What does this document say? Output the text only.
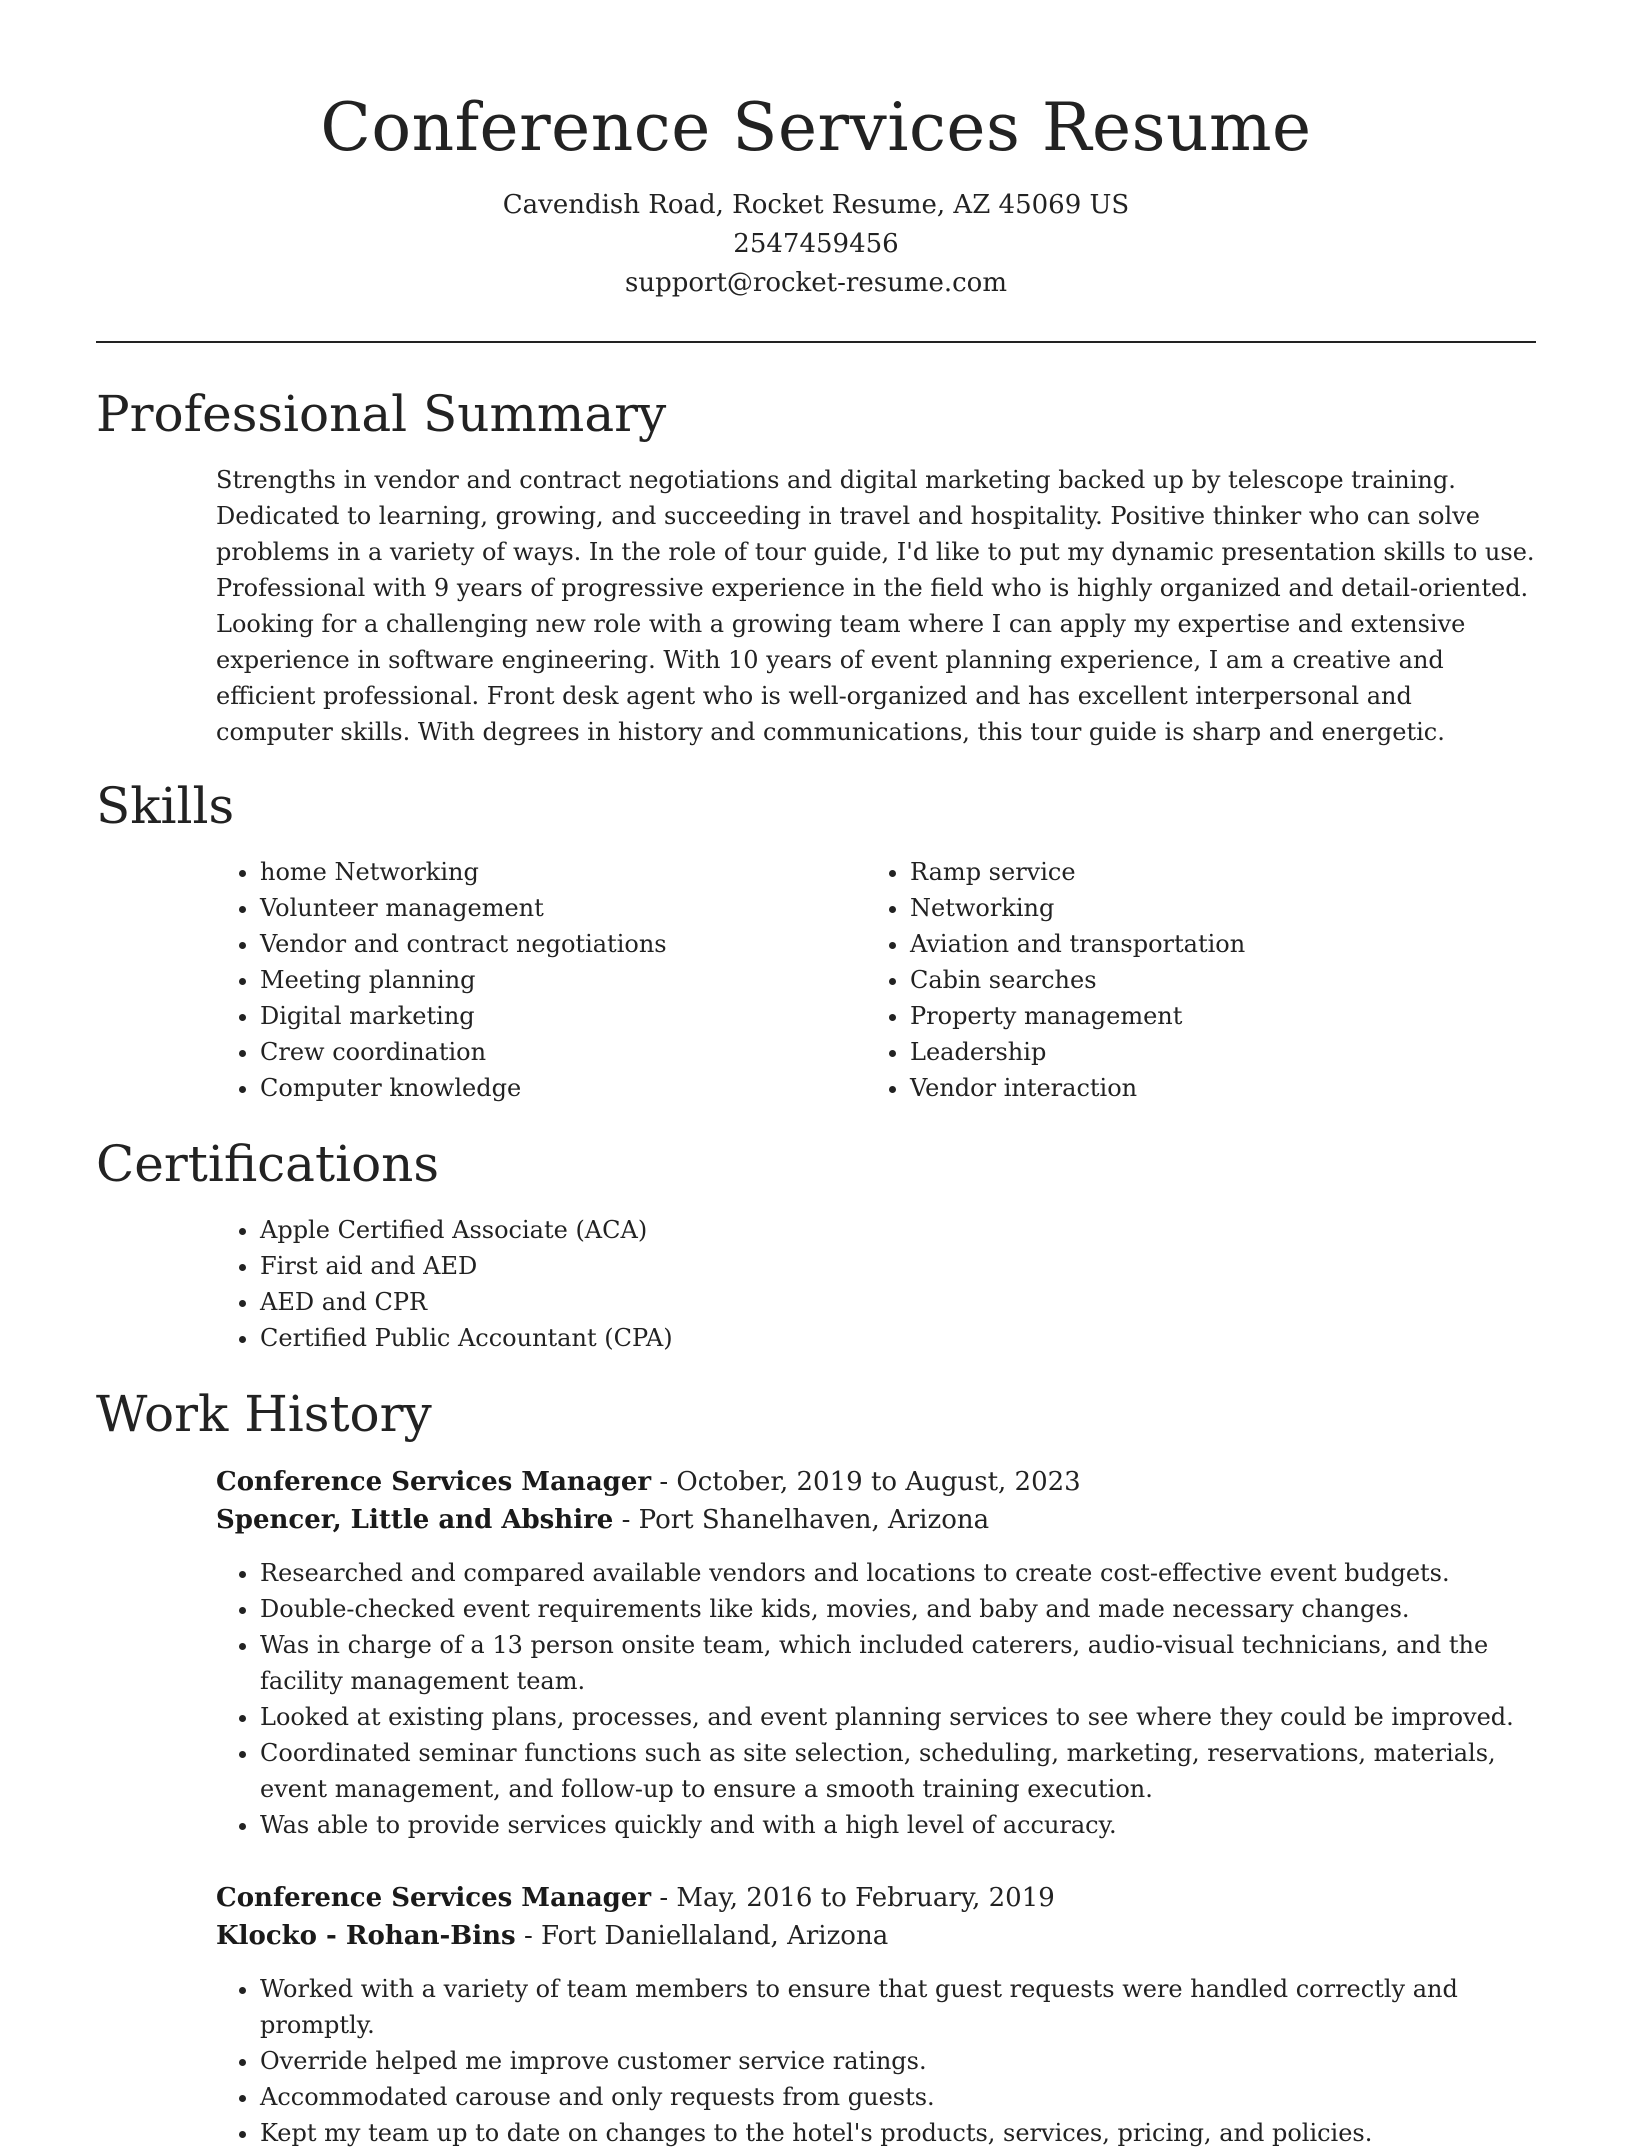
Conference Services Resume

Cavendish Road, Rocket Resume, AZ 45069 US

2547459456

support@rocket-resume.com

Professional Summary

Strengths in vendor and contract negotiations and digital marketing backed up by telescope training. Dedicated to learning, growing, and succeeding in travel and hospitality. Positive thinker who can solve problems in a variety of ways. In the role of tour guide, I'd like to put my dynamic presentation skills to use. Professional with 9 years of progressive experience in the field who is highly organized and detail-oriented. Looking for a challenging new role with a growing team where I can apply my expertise and extensive experience in software engineering. With 10 years of event planning experience, I am a creative and efficient professional. Front desk agent who is well-organized and has excellent interpersonal and computer skills. With degrees in history and communications, this tour guide is sharp and energetic.

Skills
• home Networking
• Volunteer management
• Vendor and contract negotiations
• Meeting planning
• Digital marketing
• Crew coordination
• Computer knowledge
• Ramp service
• Networking
• Aviation and transportation
• Cabin searches
• Property management
• Leadership
• Vendor interaction
Certifications
• Apple Certified Associate (ACA)
• First aid and AED
• AED and CPR
• Certified Public Accountant (CPA)
Work History

Conference Services Manager - October, 2019 to August, 2023

Spencer, Little and Abshire - Port Shanelhaven, Arizona

• Researched and compared available vendors and locations to create cost-effective event budgets.
• Double-checked event requirements like kids, movies, and baby and made necessary changes.
• Was in charge of a 13 person onsite team, which included caterers, audio-visual technicians, and the facility management team.
• Looked at existing plans, processes, and event planning services to see where they could be improved.
• Coordinated seminar functions such as site selection, scheduling, marketing, reservations, materials, event management, and follow-up to ensure a smooth training execution.
• Was able to provide services quickly and with a high level of accuracy.

Conference Services Manager - May, 2016 to February, 2019

Klocko - Rohan-Bins - Fort Daniellaland, Arizona

• Worked with a variety of team members to ensure that guest requests were handled correctly and promptly.
• Override helped me improve customer service ratings.
• Accommodated carouse and only requests from guests.
• Kept my team up to date on changes to the hotel's products, services, pricing, and policies.
